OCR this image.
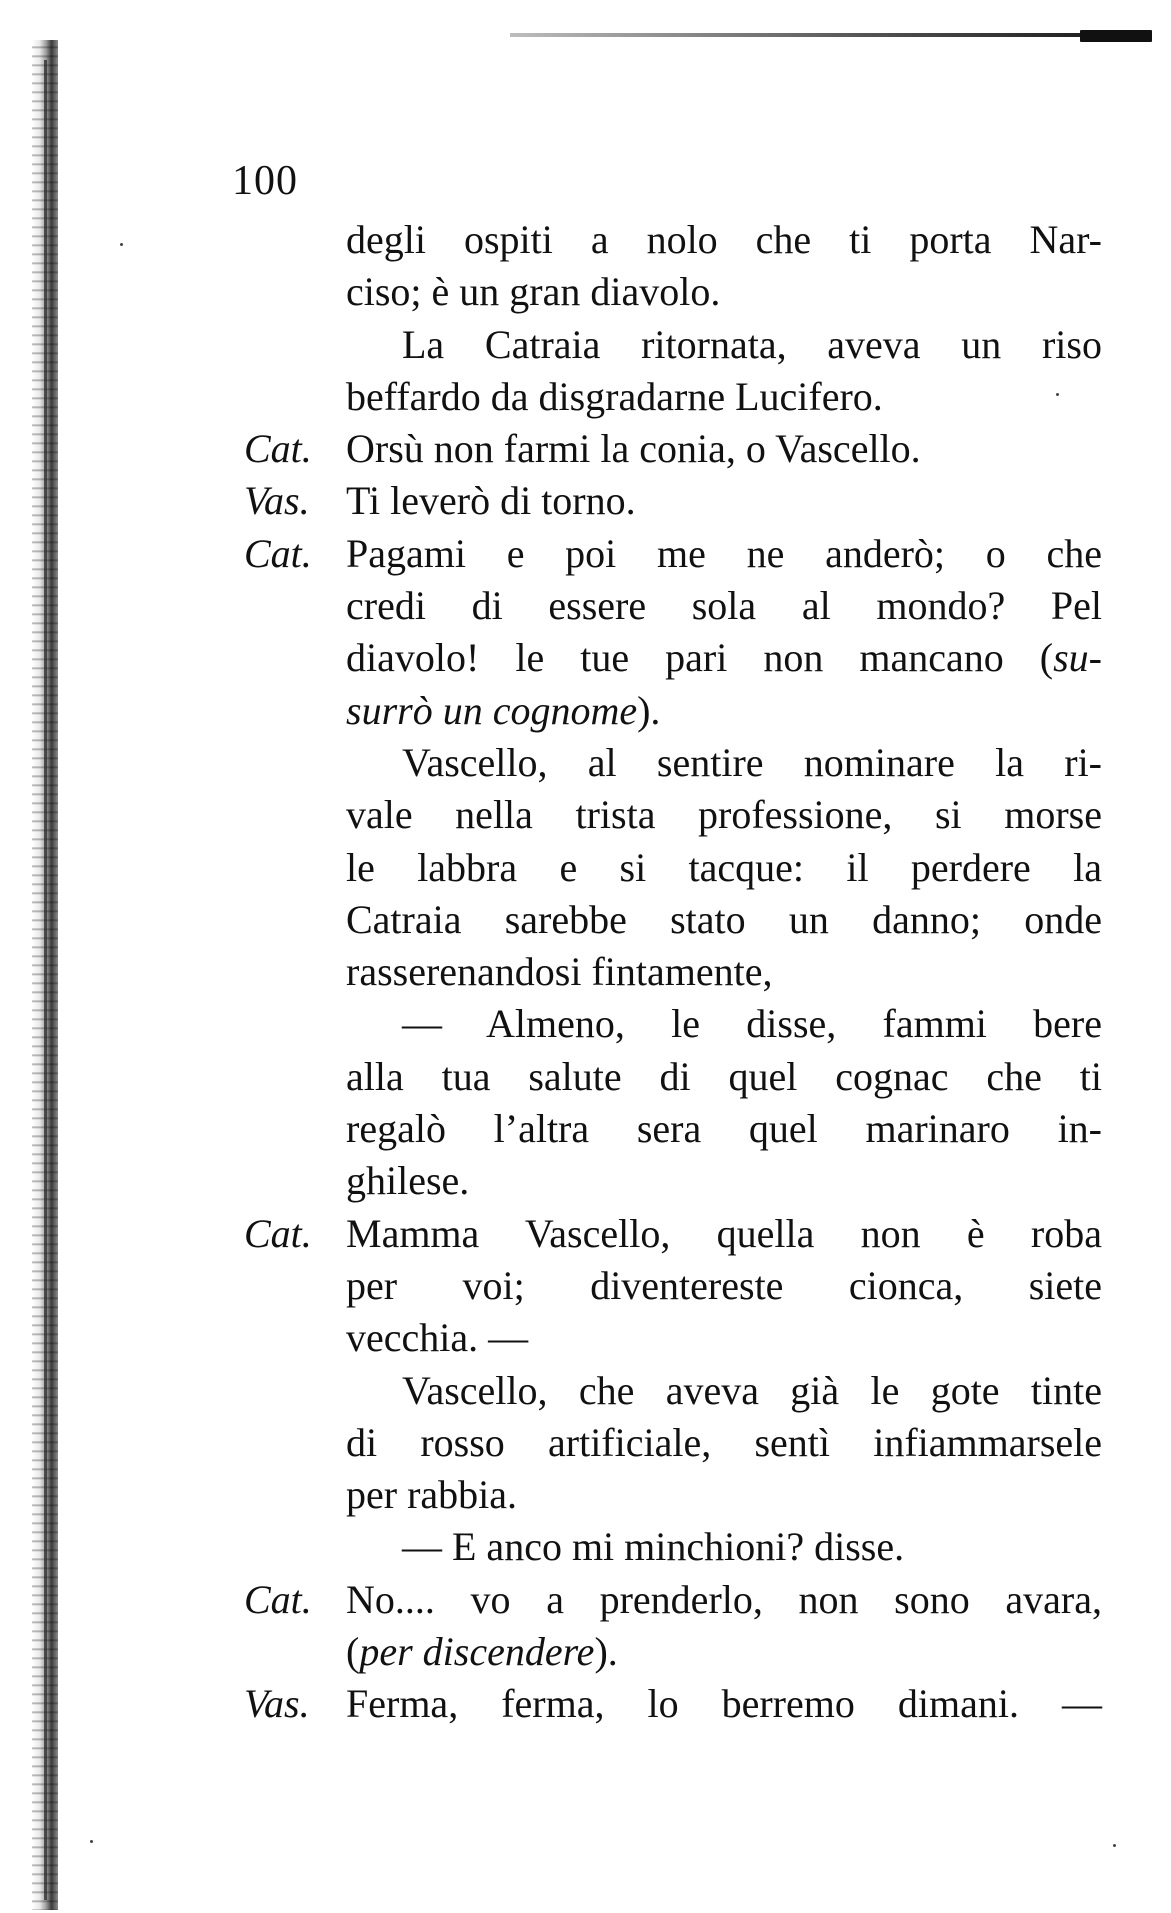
100
degli ospiti a nolo che ti porta Nar-
ciso; è un gran diavolo.
La Catraia ritornata, aveva un riso
beffardo da disgradarne Lucifero.
Cat. Orsù non farmi la conia, o Vascello.
Vas. Ti leverò di torno.
Cat. Pagami e poi me ne anderò; o che
credi di essere sola al mondo? Pel
diavolo! le tue pari non mancano (su-
surrò un cognome).
Vascello, al sentire nominare la ri-
vale nella trista professione, si morse
le labbra e si tacque: il perdere la
Catraia sarebbe stato un danno; onde
rasserenandosi fintamente,
— Almeno, le disse, fammi bere
alla tua salute di quel cognac che ti
regalò l’altra sera quel marinaro in-
ghilese.
Cat. Mamma Vascello, quella non è roba
per voi; diventereste cionca, siete
vecchia. —
Vascello, che aveva già le gote tinte
di rosso artificiale, sentì infiammarsele
per rabbia.
— E anco mi minchioni? disse.
Cat. No.... vo a prenderlo, non sono avara,
(per discendere).
Vas. Ferma, ferma, lo berremo dimani. —
